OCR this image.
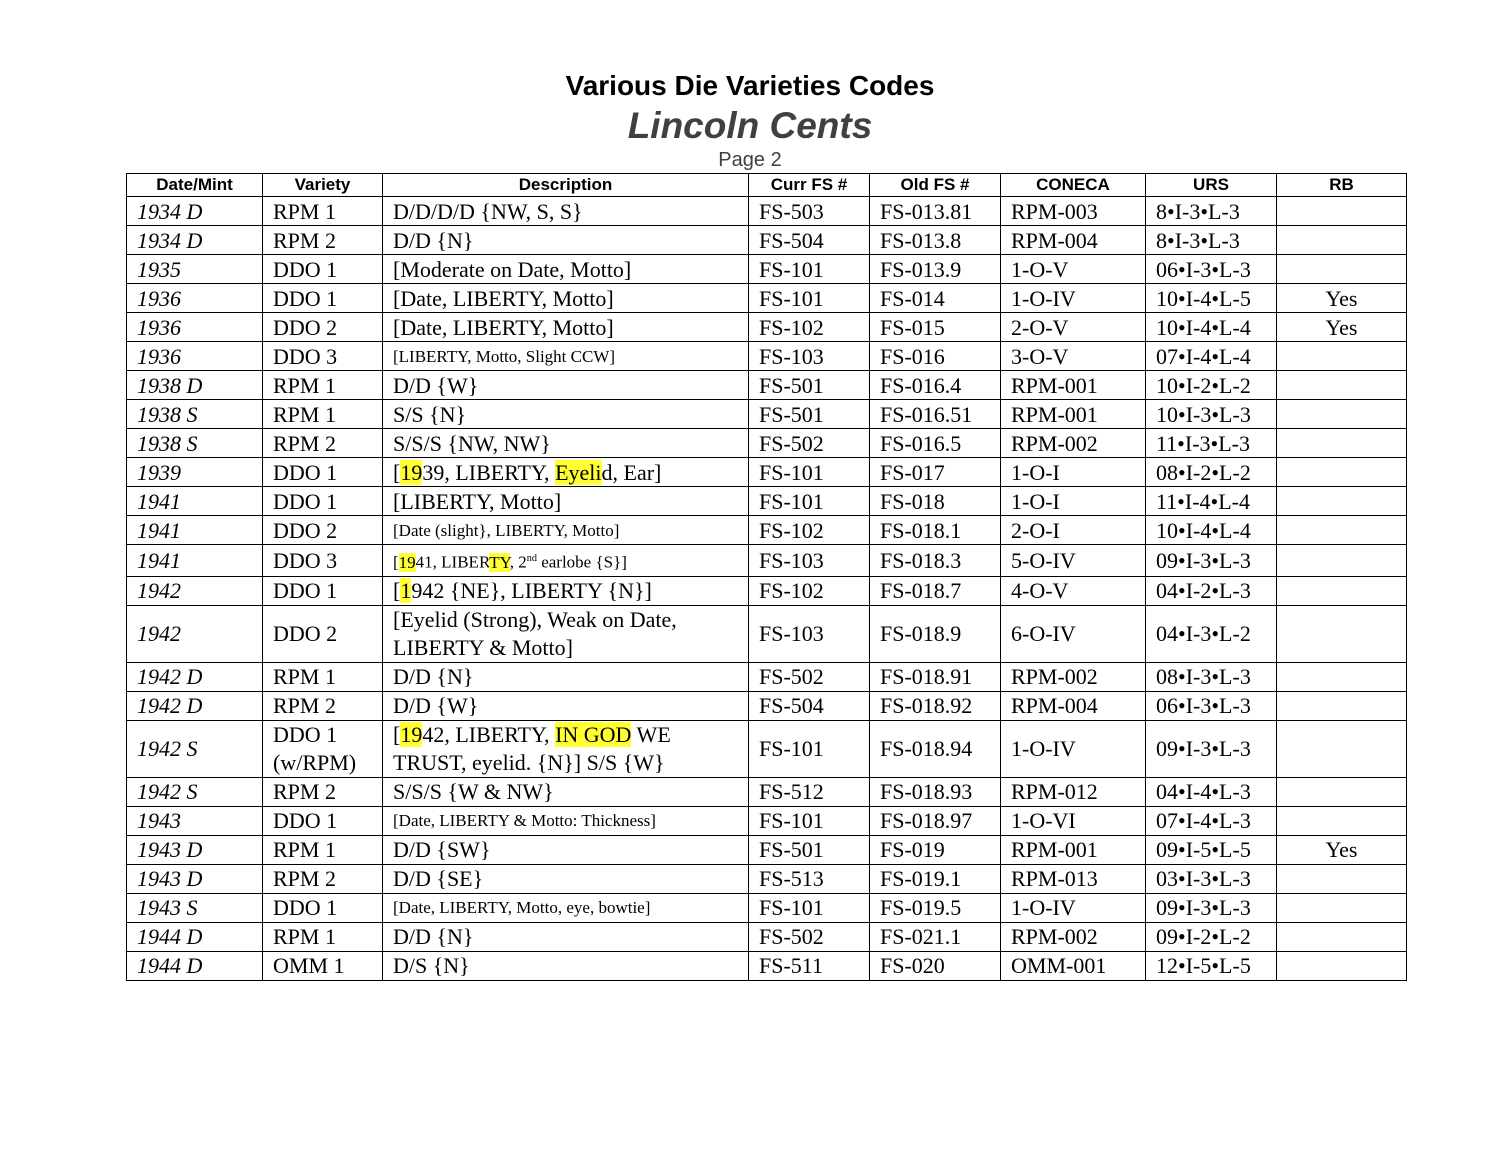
Various Die Varieties Codes
Lincoln Cents
Page 2
Date/Mint	Variety	Description	Curr FS #	Old FS #	CONECA	URS	RB
1934 D	RPM 1	D/D/D/D {NW, S, S}	FS-503	FS-013.81	RPM-003	8•I-3•L-3	
1934 D	RPM 2	D/D {N}	FS-504	FS-013.8	RPM-004	8•I-3•L-3	
1935	DDO 1	[Moderate on Date, Motto]	FS-101	FS-013.9	1-O-V	06•I-3•L-3	
1936	DDO 1	[Date, LIBERTY, Motto]	FS-101	FS-014	1-O-IV	10•I-4•L-5	Yes
1936	DDO 2	[Date, LIBERTY, Motto]	FS-102	FS-015	2-O-V	10•I-4•L-4	Yes
1936	DDO 3	[LIBERTY, Motto, Slight CCW]	FS-103	FS-016	3-O-V	07•I-4•L-4	
1938 D	RPM 1	D/D {W}	FS-501	FS-016.4	RPM-001	10•I-2•L-2	
1938 S	RPM 1	S/S {N}	FS-501	FS-016.51	RPM-001	10•I-3•L-3	
1938 S	RPM 2	S/S/S {NW, NW}	FS-502	FS-016.5	RPM-002	11•I-3•L-3	
1939	DDO 1	[1939, LIBERTY, Eyelid, Ear]	FS-101	FS-017	1-O-I	08•I-2•L-2	
1941	DDO 1	[LIBERTY, Motto]	FS-101	FS-018	1-O-I	11•I-4•L-4	
1941	DDO 2	[Date (slight}, LIBERTY, Motto]	FS-102	FS-018.1	2-O-I	10•I-4•L-4	
1941	DDO 3	[1941, LIBERTY, 2nd earlobe {S}]	FS-103	FS-018.3	5-O-IV	09•I-3•L-3	
1942	DDO 1	[1942 {NE}, LIBERTY {N}]	FS-102	FS-018.7	4-O-V	04•I-2•L-3	
1942	DDO 2	[Eyelid (Strong), Weak on Date, LIBERTY & Motto]	FS-103	FS-018.9	6-O-IV	04•I-3•L-2	
1942 D	RPM 1	D/D {N}	FS-502	FS-018.91	RPM-002	08•I-3•L-3	
1942 D	RPM 2	D/D {W}	FS-504	FS-018.92	RPM-004	06•I-3•L-3	
1942 S	DDO 1 (w/RPM)	[1942, LIBERTY, IN GOD WE TRUST, eyelid. {N}] S/S {W}	FS-101	FS-018.94	1-O-IV	09•I-3•L-3	
1942 S	RPM 2	S/S/S {W & NW}	FS-512	FS-018.93	RPM-012	04•I-4•L-3	
1943	DDO 1	[Date, LIBERTY & Motto: Thickness]	FS-101	FS-018.97	1-O-VI	07•I-4•L-3	
1943 D	RPM 1	D/D {SW}	FS-501	FS-019	RPM-001	09•I-5•L-5	Yes
1943 D	RPM 2	D/D {SE}	FS-513	FS-019.1	RPM-013	03•I-3•L-3	
1943 S	DDO 1	[Date, LIBERTY, Motto, eye, bowtie]	FS-101	FS-019.5	1-O-IV	09•I-3•L-3	
1944 D	RPM 1	D/D {N}	FS-502	FS-021.1	RPM-002	09•I-2•L-2	
1944 D	OMM 1	D/S {N}	FS-511	FS-020	OMM-001	12•I-5•L-5	
